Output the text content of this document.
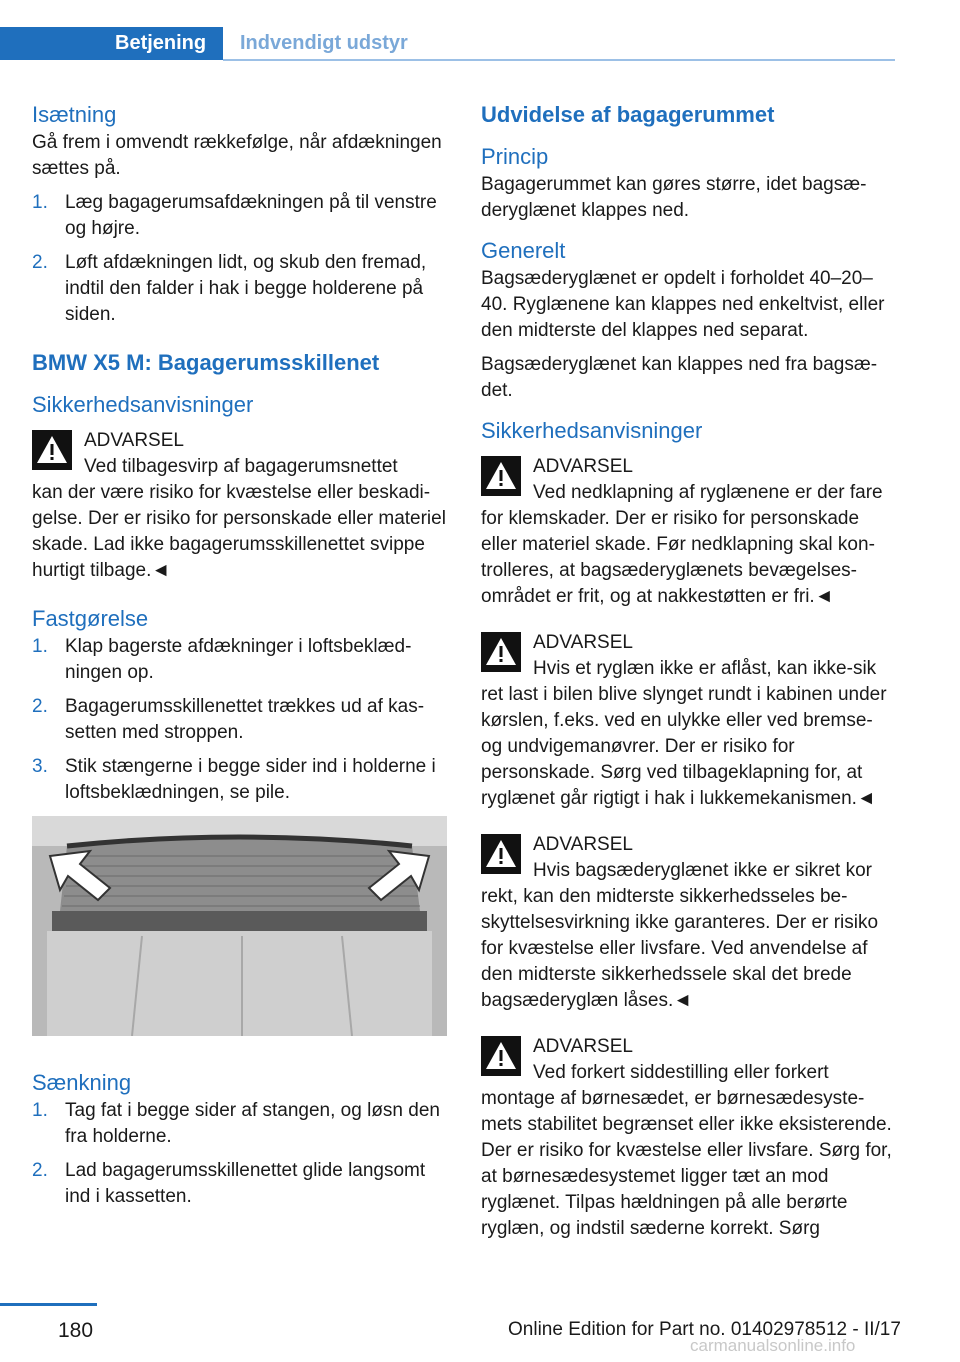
Betjening Indvendigt udstyr
Isætning

Gå frem i omvendt rækkefølge, når afdækningen sættes på.

1. Læg bagagerumsafdækningen på til venstre og højre.
2. Løft afdækningen lidt, og skub den fremad, indtil den falder i hak i begge holderene på siden.
BMW X5 M: Bagagerumsskillenet
Sikkerhedsanvisninger
ADVARSEL
Ved tilbagesvirp af bagagerumsnettet
kan der være risiko for kvæstelse eller beskadigelse. Der er risiko for personskade eller materiel skade. Lad ikke bagagerumsskillenettet svippe hurtigt tilbage.◄
Fastgørelse
1. Klap bagerste afdækninger i loftsbeklædningen op.
2. Bagagerumsskillenettet trækkes ud af kassetten med stroppen.
3. Stik stængerne i begge sider ind i holderne i loftsbeklædningen, se pile.
Sænkning
1. Tag fat i begge sider af stangen, og løsn den fra holderne.
2. Lad bagagerumsskillenettet glide langsomt ind i kassetten.
Udvidelse af bagagerummet
Princip

Bagagerummet kan gøres større, idet bagsæderyglænet klappes ned.

Generelt

Bagsæderyglænet er opdelt i forholdet 40–20–40. Ryglænene kan klappes ned enkeltvist, eller den midterste del klappes ned separat.

Bagsæderyglænet kan klappes ned fra bagsædet.

Sikkerhedsanvisninger
ADVARSEL
Ved nedklapning af ryglænene er der fare
for klemskader. Der er risiko for personskade eller materiel skade. Før nedklapning skal kontrolleres, at bagsæderyglænets bevægelsesområdet er frit, og at nakkestøtten er fri.◄
ADVARSEL
Hvis et ryglæn ikke er aflåst, kan ikke-sik
ret last i bilen blive slynget rundt i kabinen under kørslen, f.eks. ved en ulykke eller ved bremse- og undvigemanøvrer. Der er risiko for personskade. Sørg ved tilbageklapning for, at ryglænet går rigtigt i hak i lukkemekanismen.◄
ADVARSEL
Hvis bagsæderyglænet ikke er sikret kor
rekt, kan den midterste sikkerhedsseles beskyttelsesvirkning ikke garanteres. Der er risiko for kvæstelse eller livsfare. Ved anvendelse af den midterste sikkerhedssele skal det brede bagsæderyglæn låses.◄
ADVARSEL
Ved forkert siddestilling eller forkert
montage af børnesædet, er børnesædesystemets stabilitet begrænset eller ikke eksisterende. Der er risiko for kvæstelse eller livsfare. Sørg for, at børnesædesystemet ligger tæt an mod ryglænet. Tilpas hældningen på alle berørte ryglæn, og indstil sæderne korrekt. Sørg
180	Online Edition for Part no. 01402978512 - II/17
carmanualsonline.info
